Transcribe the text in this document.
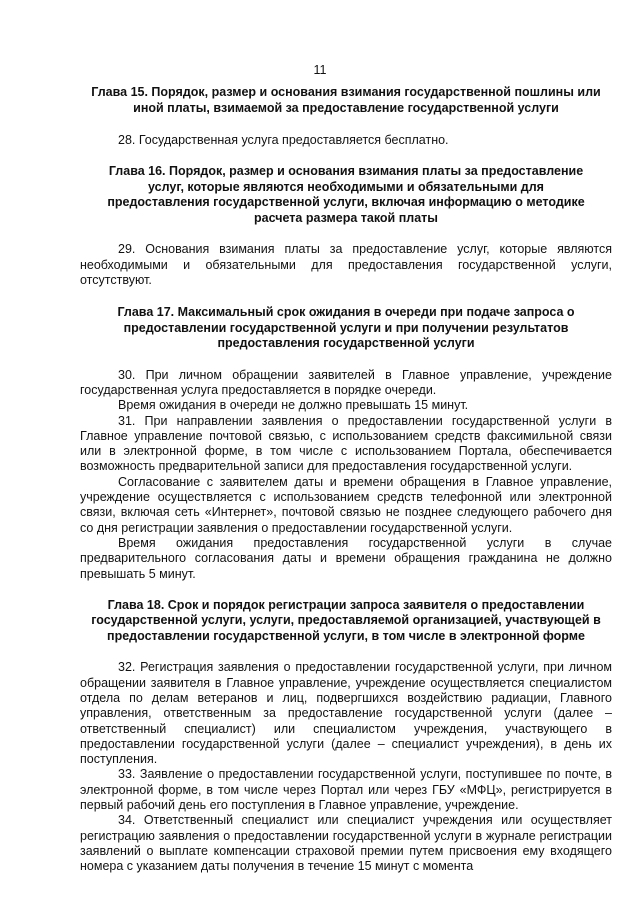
11
Глава 15. Порядок, размер и основания взимания государственной пошлины или иной платы, взимаемой за предоставление государственной услуги

28. Государственная услуга предоставляется бесплатно.

Глава 16. Порядок, размер и основания взимания платы за предоставление услуг, которые являются необходимыми и обязательными для предоставления государственной услуги, включая информацию о методике расчета размера такой платы

29. Основания взимания платы за предоставление услуг, которые являются необходимыми и обязательными для предоставления государственной услуги, отсутствуют.

Глава 17. Максимальный срок ожидания в очереди при подаче запроса о предоставлении государственной услуги и при получении результатов предоставления государственной услуги

30. При личном обращении заявителей в Главное управление, учреждение государственная услуга предоставляется в порядке очереди.

Время ожидания в очереди не должно превышать 15 минут.

31. При направлении заявления о предоставлении государственной услуги в Главное управление почтовой связью, с использованием средств факсимильной связи или в электронной форме, в том числе с использованием Портала, обеспечивается возможность предварительной записи для предоставления государственной услуги.

Согласование с заявителем даты и времени обращения в Главное управление, учреждение осуществляется с использованием средств телефонной или электронной связи, включая сеть «Интернет», почтовой связью не позднее следующего рабочего дня со дня регистрации заявления о предоставлении государственной услуги.

Время ожидания предоставления государственной услуги в случае предварительного согласования даты и времени обращения гражданина не должно превышать 5 минут.

Глава 18. Срок и порядок регистрации запроса заявителя о предоставлении государственной услуги, услуги, предоставляемой организацией, участвующей в предоставлении государственной услуги, в том числе в электронной форме

32. Регистрация заявления о предоставлении государственной услуги, при личном обращении заявителя в Главное управление, учреждение осуществляется специалистом отдела по делам ветеранов и лиц, подвергшихся воздействию радиации, Главного управления, ответственным за предоставление государственной услуги (далее – ответственный специалист) или специалистом учреждения, участвующего в предоставлении государственной услуги (далее – специалист учреждения), в день их поступления.

33. Заявление о предоставлении государственной услуги, поступившее по почте, в электронной форме, в том числе через Портал или через ГБУ «МФЦ», регистрируется в первый рабочий день его поступления в Главное управление, учреждение.

34. Ответственный специалист или специалист учреждения или осуществляет регистрацию заявления о предоставлении государственной услуги в журнале регистрации заявлений о выплате компенсации страховой премии путем присвоения ему входящего номера с указанием даты получения в течение 15 минут с момента
